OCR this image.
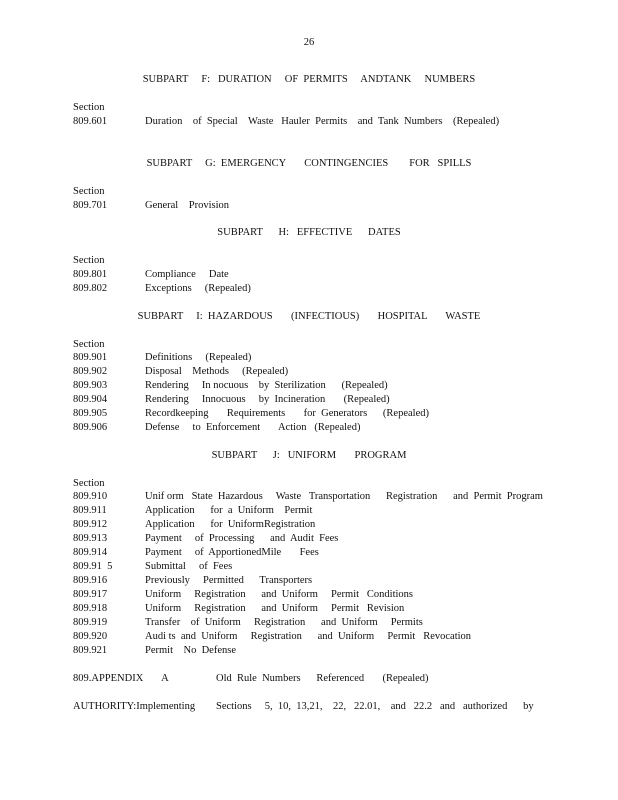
26
SUBPART     F:   DURATION     OF  PERMITS     ANDTANK     NUMBERS
Section
809.601	Duration    of  Special    Waste   Hauler  Permits    and  Tank  Numbers    (Repealed)
SUBPART     G:  EMERGENCY       CONTINGENCIES        FOR   SPILLS
Section
809.701	General    Provision
SUBPART      H:   EFFECTIVE      DATES
Section
809.801	Compliance     Date
809.802	Exceptions     (Repealed)
SUBPART     I:  HAZARDOUS       (INFECTIOUS)       HOSPITAL       WASTE
Section
809.901	Definitions     (Repealed)
809.902	Disposal    Methods     (Repealed)
809.903	Rendering     In nocuous    by  Sterilization      (Repealed)
809.904	Rendering     Innocuous     by  Incineration       (Repealed)
809.905	Recordkeeping       Requirements       for  Generators      (Repealed)
809.906	Defense     to  Enforcement       Action   (Repealed)
SUBPART      J:   UNIFORM       PROGRAM
Section
809.910	Unif orm   State  Hazardous     Waste   Transportation      Registration      and  Permit  Program
809.911	Application      for  a  Uniform    Permit
809.912	Application      for  UniformRegistration
809.913	Payment     of  Processing      and  Audit  Fees
809.914	Payment     of  ApportionedMile       Fees
809.91  5	Submittal     of  Fees
809.916	Previously     Permitted      Transporters
809.917	Uniform     Registration      and  Uniform     Permit   Conditions
809.918	Uniform     Registration      and  Uniform     Permit   Revision
809.919	Transfer    of  Uniform     Registration      and  Uniform     Permits
809.920	Audi ts  and  Uniform     Registration      and  Uniform     Permit   Revocation
809.921	Permit    No  Defense
809.APPENDIX       A	Old  Rule  Numbers      Referenced       (Repealed)
AUTHORITY:Implementing Sections     5,  10,  13,21,    22,   22.01,    and   22.2   and   authorized      by
